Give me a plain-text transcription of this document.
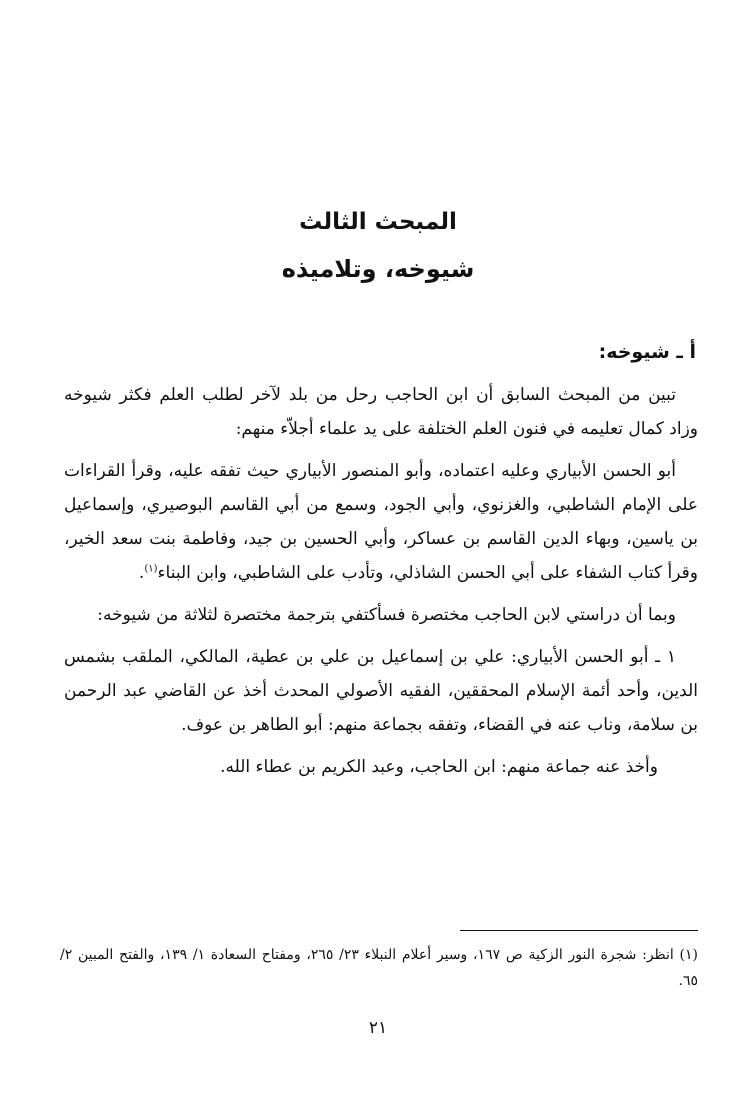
المبحث الثالث
شيوخه، وتلاميذه
أ ـ شيوخه:

تبين من المبحث السابق أن ابن الحاجب رحل من بلد لآخر لطلب العلم فكثر شيوخه وزاد كمال تعليمه في فنون العلم الختلفة على يد علماء أجلاّء منهم:

أبو الحسن الأبياري وعليه اعتماده، وأبو المنصور الأبياري حيث تفقه عليه، وقرأ القراءات على الإمام الشاطبي، والغزنوي، وأبي الجود، وسمع من أبي القاسم البوصيري، وإسماعيل بن ياسين، وبهاء الدين القاسم بن عساكر، وأبي الحسين بن جيد، وفاطمة بنت سعد الخير، وقرأ كتاب الشفاء على أبي الحسن الشاذلي، وتأدب على الشاطبي، وابن البناء$^{(١)}$.

وبما أن دراستي لابن الحاجب مختصرة فسأكتفي بترجمة مختصرة لثلاثة من شيوخه:

١ ـ أبو الحسن الأبياري: علي بن إسماعيل بن علي بن عطية، المالكي، الملقب بشمس الدين، وأحد أئمة الإسلام المحققين، الفقيه الأصولي المحدث أخذ عن القاضي عبد الرحمن بن سلامة، وناب عنه في القضاء، وتفقه بجماعة منهم: أبو الطاهر بن عوف.

وأخذ عنه جماعة منهم: ابن الحاجب، وعبد الكريم بن عطاء الله.

(١) انظر: شجرة النور الزكية ص ١٦٧، وسير أعلام النبلاء ٢٣/ ٢٦٥، ومفتاح السعادة ١/ ١٣٩، والفتح المبين ٢/ ٦٥.

٢١
